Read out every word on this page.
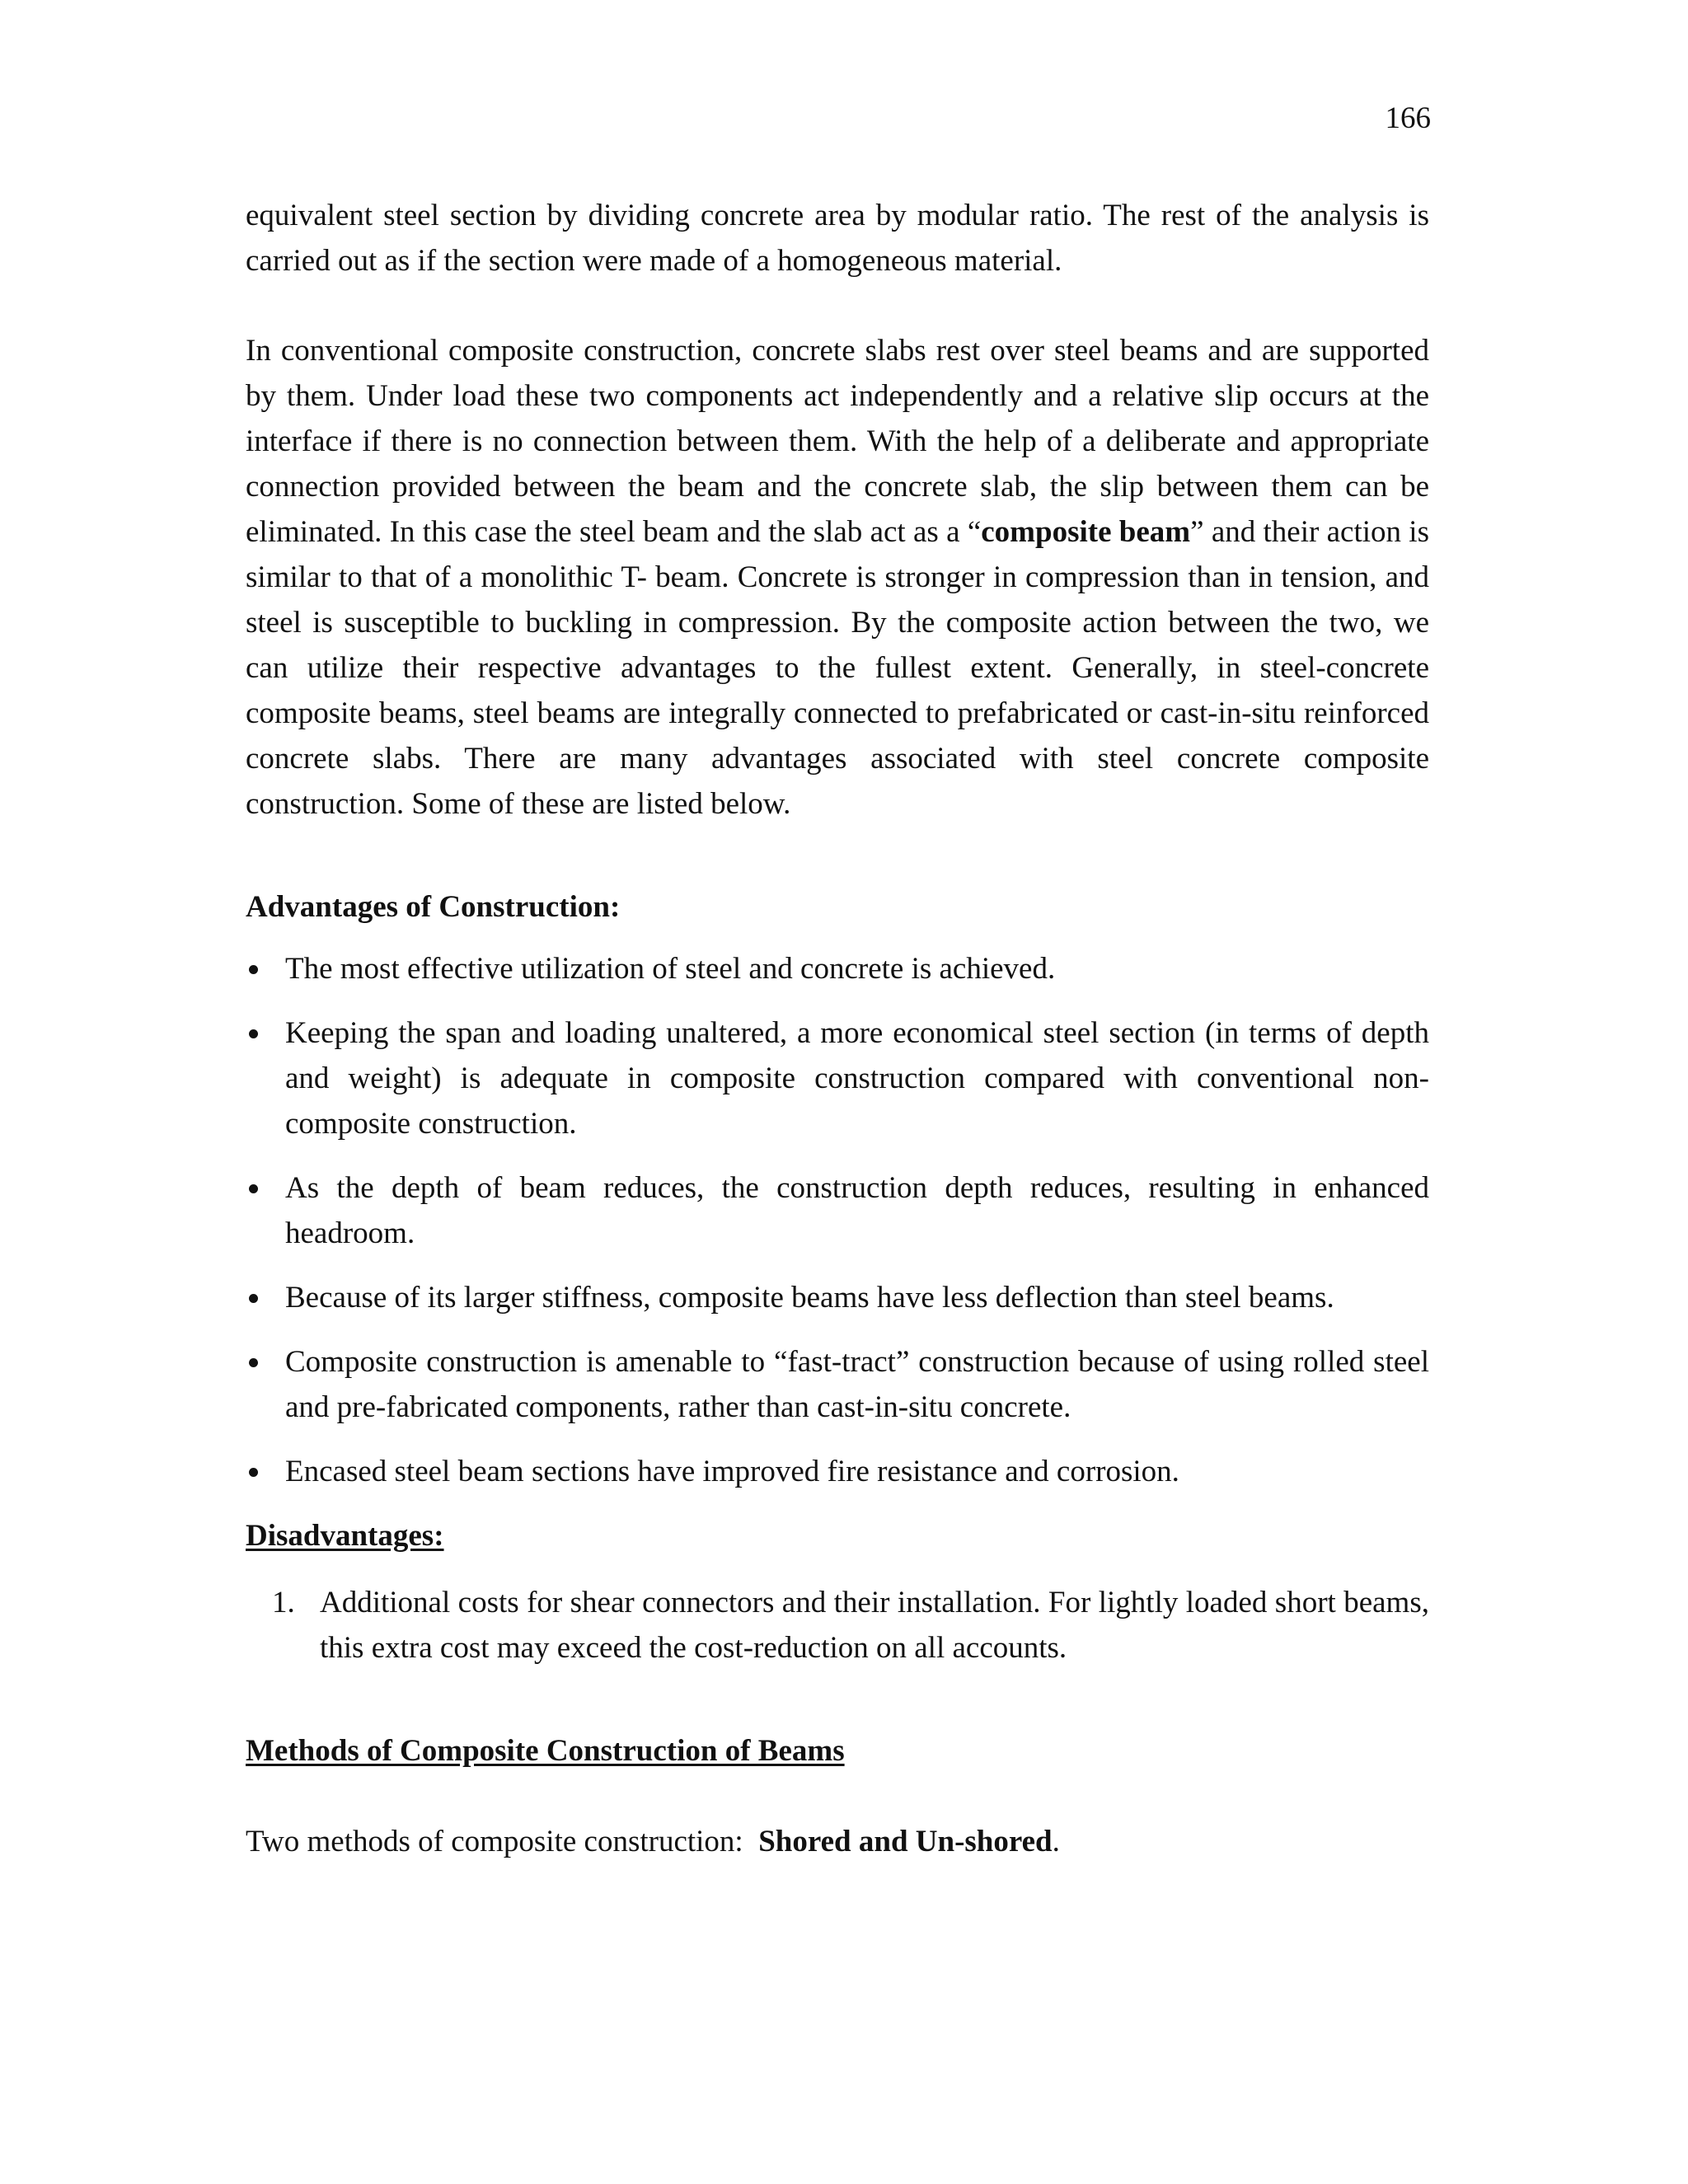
166

equivalent steel section by dividing concrete area by modular ratio. The rest of the analysis is carried out as if the section were made of a homogeneous material.

In conventional composite construction, concrete slabs rest over steel beams and are supported by them. Under load these two components act independently and a relative slip occurs at the interface if there is no connection between them. With the help of a deliberate and appropriate connection provided between the beam and the concrete slab, the slip between them can be eliminated. In this case the steel beam and the slab act as a “composite beam” and their action is similar to that of a monolithic T- beam. Concrete is stronger in compression than in tension, and steel is susceptible to buckling in compression. By the composite action between the two, we can utilize their respective advantages to the fullest extent. Generally, in steel-concrete composite beams, steel beams are integrally connected to prefabricated or cast-in-situ reinforced concrete slabs. There are many advantages associated with steel concrete composite construction. Some of these are listed below.

Advantages of Construction:

The most effective utilization of steel and concrete is achieved.
Keeping the span and loading unaltered, a more economical steel section (in terms of depth and weight) is adequate in composite construction compared with conventional non-composite construction.
As the depth of beam reduces, the construction depth reduces, resulting in enhanced headroom.
Because of its larger stiffness, composite beams have less deflection than steel beams.
Composite construction is amenable to “fast-tract” construction because of using rolled steel and pre-fabricated components, rather than cast-in-situ concrete.
Encased steel beam sections have improved fire resistance and corrosion.

Disadvantages:

1. Additional costs for shear connectors and their installation. For lightly loaded short beams, this extra cost may exceed the cost-reduction on all accounts.

Methods of Composite Construction of Beams

Two methods of composite construction:  Shored and Un-shored.
